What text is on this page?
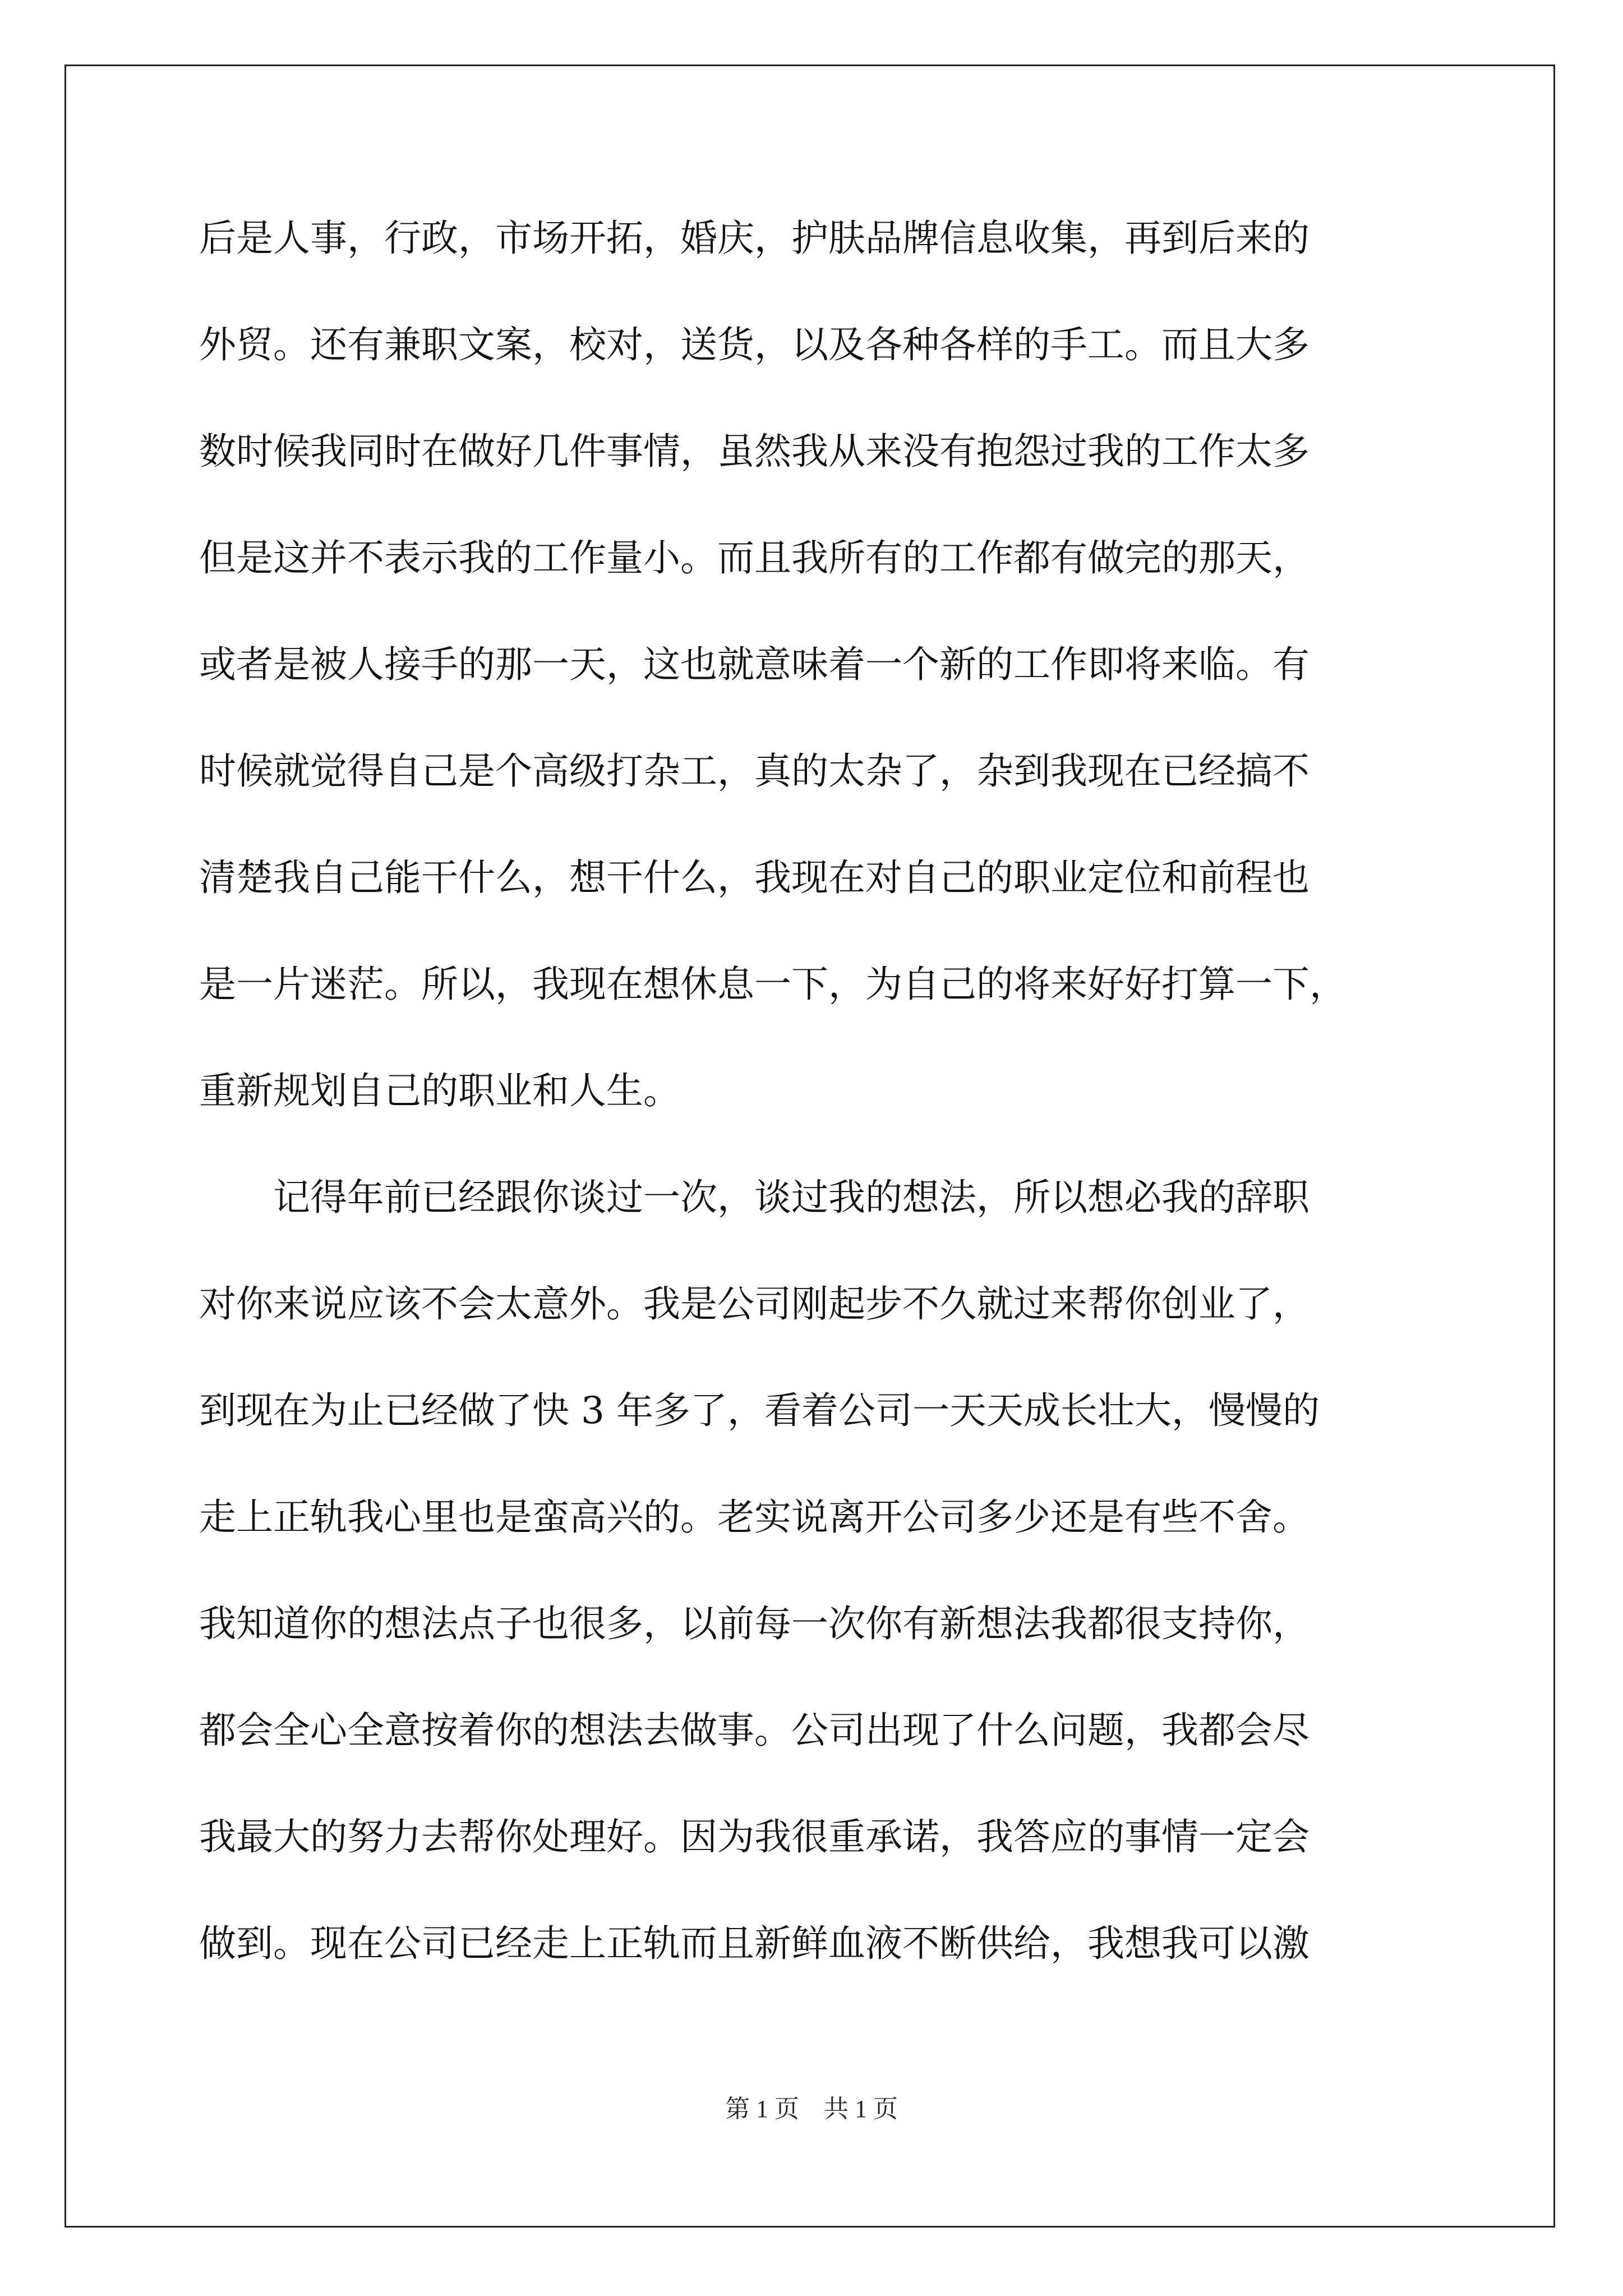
后是人事，行政，市场开拓，婚庆，护肤品牌信息收集，再到后来的
外贸。还有兼职文案，校对，送货，以及各种各样的手工。而且大多
数时候我同时在做好几件事情，虽然我从来没有抱怨过我的工作太多
但是这并不表示我的工作量小。而且我所有的工作都有做完的那天，
或者是被人接手的那一天，这也就意味着一个新的工作即将来临。有
时候就觉得自己是个高级打杂工，真的太杂了，杂到我现在已经搞不
清楚我自己能干什么，想干什么，我现在对自己的职业定位和前程也
是一片迷茫。所以，我现在想休息一下，为自己的将来好好打算一下，
重新规划自己的职业和人生。
　　记得年前已经跟你谈过一次，谈过我的想法，所以想必我的辞职
对你来说应该不会太意外。我是公司刚起步不久就过来帮你创业了，
到现在为止已经做了快 3 年多了，看着公司一天天成长壮大，慢慢的
走上正轨我心里也是蛮高兴的。老实说离开公司多少还是有些不舍。
我知道你的想法点子也很多，以前每一次你有新想法我都很支持你，
都会全心全意按着你的想法去做事。公司出现了什么问题，我都会尽
我最大的努力去帮你处理好。因为我很重承诺，我答应的事情一定会
做到。现在公司已经走上正轨而且新鲜血液不断供给，我想我可以激
第 1 页　共 1 页
